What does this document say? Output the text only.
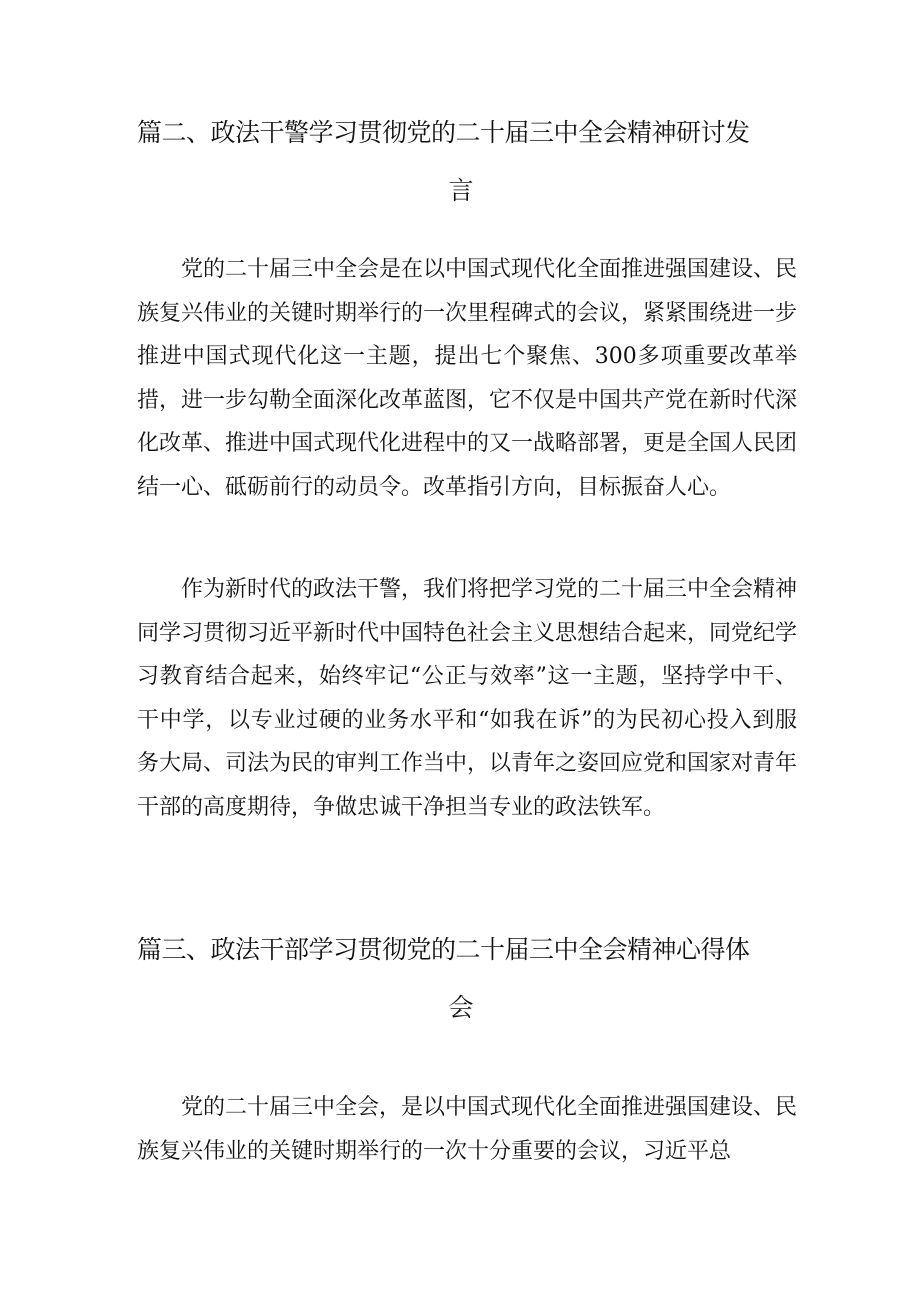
篇二、政法干警学习贯彻党的二十届三中全会精神研讨发
言

党的二十届三中全会是在以中国式现代化全面推进强国建设、民族复兴伟业的关键时期举行的一次里程碑式的会议，紧紧围绕进一步推进中国式现代化这一主题，提出七个聚焦、300多项重要改革举措，进一步勾勒全面深化改革蓝图，它不仅是中国共产党在新时代深化改革、推进中国式现代化进程中的又一战略部署，更是全国人民团结一心、砥砺前行的动员令。改革指引方向，目标振奋人心。

作为新时代的政法干警，我们将把学习党的二十届三中全会精神同学习贯彻习近平新时代中国特色社会主义思想结合起来，同党纪学习教育结合起来，始终牢记“公正与效率”这一主题，坚持学中干、干中学，以专业过硬的业务水平和“如我在诉”的为民初心投入到服务大局、司法为民的审判工作当中，以青年之姿回应党和国家对青年干部的高度期待，争做忠诚干净担当专业的政法铁军。

篇三、政法干部学习贯彻党的二十届三中全会精神心得体
会

党的二十届三中全会，是以中国式现代化全面推进强国建设、民族复兴伟业的关键时期举行的一次十分重要的会议，习近平总
